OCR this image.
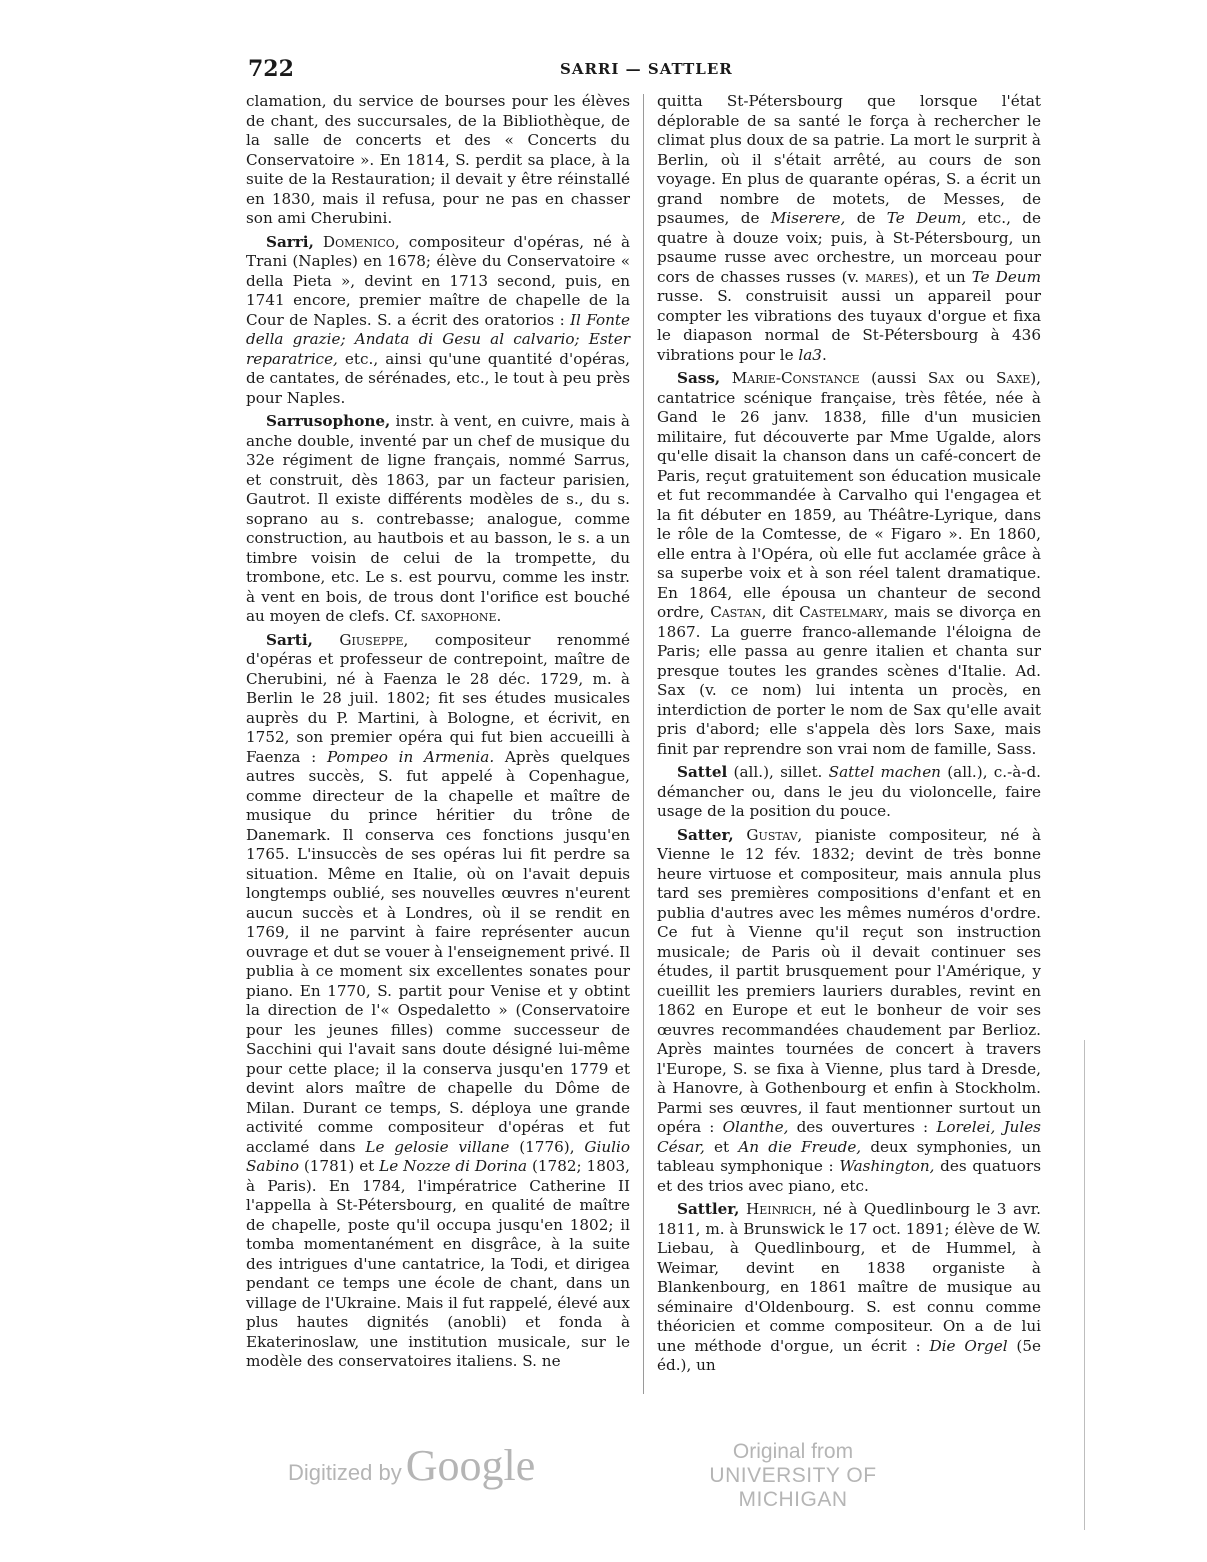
722	SARRI — SATTLER

clamation, du service de bourses pour les élèves de chant, des succursales, de la Bibliothèque, de la salle de concerts et des « Concerts du Conservatoire ». En 1814, S. perdit sa place, à la suite de la Restauration; il devait y être réinstallé en 1830, mais il refusa, pour ne pas en chasser son ami Cherubini.

Sarri, Domenico, compositeur d'opéras, né à Trani (Naples) en 1678; élève du Conservatoire « della Pieta », devint en 1713 second, puis, en 1741 encore, premier maître de chapelle de la Cour de Naples. S. a écrit des oratorios : Il Fonte della grazie; Andata di Gesu al calvario; Ester reparatrice, etc., ainsi qu'une quantité d'opéras, de cantates, de sérénades, etc., le tout à peu près pour Naples.

Sarrusophone, instr. à vent, en cuivre, mais à anche double, inventé par un chef de musique du 32e régiment de ligne français, nommé Sarrus, et construit, dès 1863, par un facteur parisien, Gautrot. Il existe différents modèles de s., du s. soprano au s. contrebasse; analogue, comme construction, au hautbois et au basson, le s. a un timbre voisin de celui de la trompette, du trombone, etc. Le s. est pourvu, comme les instr. à vent en bois, de trous dont l'orifice est bouché au moyen de clefs. Cf. saxophone.

Sarti, Giuseppe, compositeur renommé d'opéras et professeur de contrepoint, maître de Cherubini, né à Faenza le 28 déc. 1729, m. à Berlin le 28 juil. 1802; fit ses études musicales auprès du P. Martini, à Bologne, et écrivit, en 1752, son premier opéra qui fut bien accueilli à Faenza : Pompeo in Armenia. Après quelques autres succès, S. fut appelé à Copenhague, comme directeur de la chapelle et maître de musique du prince héritier du trône de Danemark. Il conserva ces fonctions jusqu'en 1765. L'insuccès de ses opéras lui fit perdre sa situation. Même en Italie, où on l'avait depuis longtemps oublié, ses nouvelles œuvres n'eurent aucun succès et à Londres, où il se rendit en 1769, il ne parvint à faire représenter aucun ouvrage et dut se vouer à l'enseignement privé. Il publia à ce moment six excellentes sonates pour piano. En 1770, S. partit pour Venise et y obtint la direction de l'« Ospedaletto » (Conservatoire pour les jeunes filles) comme successeur de Sacchini qui l'avait sans doute désigné lui-même pour cette place; il la conserva jusqu'en 1779 et devint alors maître de chapelle du Dôme de Milan. Durant ce temps, S. déploya une grande activité comme compositeur d'opéras et fut acclamé dans Le gelosie villane (1776), Giulio Sabino (1781) et Le Nozze di Dorina (1782; 1803, à Paris). En 1784, l'impératrice Catherine II l'appella à St-Pétersbourg, en qualité de maître de chapelle, poste qu'il occupa jusqu'en 1802; il tomba momentanément en disgrâce, à la suite des intrigues d'une cantatrice, la Todi, et dirigea pendant ce temps une école de chant, dans un village de l'Ukraine. Mais il fut rappelé, élevé aux plus hautes dignités (anobli) et fonda à Ekaterinoslaw, une institution musicale, sur le modèle des conservatoires italiens. S. ne

quitta St-Pétersbourg que lorsque l'état déplorable de sa santé le força à rechercher le climat plus doux de sa patrie. La mort le surprit à Berlin, où il s'était arrêté, au cours de son voyage. En plus de quarante opéras, S. a écrit un grand nombre de motets, de Messes, de psaumes, de Miserere, de Te Deum, etc., de quatre à douze voix; puis, à St-Pétersbourg, un psaume russe avec orchestre, un morceau pour cors de chasses russes (v. mares), et un Te Deum russe. S. construisit aussi un appareil pour compter les vibrations des tuyaux d'orgue et fixa le diapason normal de St-Pétersbourg à 436 vibrations pour le la3.

Sass, Marie-Constance (aussi Sax ou Saxe), cantatrice scénique française, très fêtée, née à Gand le 26 janv. 1838, fille d'un musicien militaire, fut découverte par Mme Ugalde, alors qu'elle disait la chanson dans un café-concert de Paris, reçut gratuitement son éducation musicale et fut recommandée à Carvalho qui l'engagea et la fit débuter en 1859, au Théâtre-Lyrique, dans le rôle de la Comtesse, de « Figaro ». En 1860, elle entra à l'Opéra, où elle fut acclamée grâce à sa superbe voix et à son réel talent dramatique. En 1864, elle épousa un chanteur de second ordre, Castan, dit Castelmary, mais se divorça en 1867. La guerre franco-allemande l'éloigna de Paris; elle passa au genre italien et chanta sur presque toutes les grandes scènes d'Italie. Ad. Sax (v. ce nom) lui intenta un procès, en interdiction de porter le nom de Sax qu'elle avait pris d'abord; elle s'appela dès lors Saxe, mais finit par reprendre son vrai nom de famille, Sass.

Sattel (all.), sillet. Sattel machen (all.), c.-à-d. démancher ou, dans le jeu du violoncelle, faire usage de la position du pouce.

Satter, Gustav, pianiste compositeur, né à Vienne le 12 fév. 1832; devint de très bonne heure virtuose et compositeur, mais annula plus tard ses premières compositions d'enfant et en publia d'autres avec les mêmes numéros d'ordre. Ce fut à Vienne qu'il reçut son instruction musicale; de Paris où il devait continuer ses études, il partit brusquement pour l'Amérique, y cueillit les premiers lauriers durables, revint en 1862 en Europe et eut le bonheur de voir ses œuvres recommandées chaudement par Berlioz. Après maintes tournées de concert à travers l'Europe, S. se fixa à Vienne, plus tard à Dresde, à Hanovre, à Gothenbourg et enfin à Stockholm. Parmi ses œuvres, il faut mentionner surtout un opéra : Olanthe, des ouvertures : Lorelei, Jules César, et An die Freude, deux symphonies, un tableau symphonique : Washington, des quatuors et des trios avec piano, etc.

Sattler, Heinrich, né à Quedlinbourg le 3 avr. 1811, m. à Brunswick le 17 oct. 1891; élève de W. Liebau, à Quedlinbourg, et de Hummel, à Weimar, devint en 1838 organiste à Blankenbourg, en 1861 maître de musique au séminaire d'Oldenbourg. S. est connu comme théoricien et comme compositeur. On a de lui une méthode d'orgue, un écrit : Die Orgel (5e éd.), un

Digitized byGoogle	Original from
UNIVERSITY OF MICHIGAN
